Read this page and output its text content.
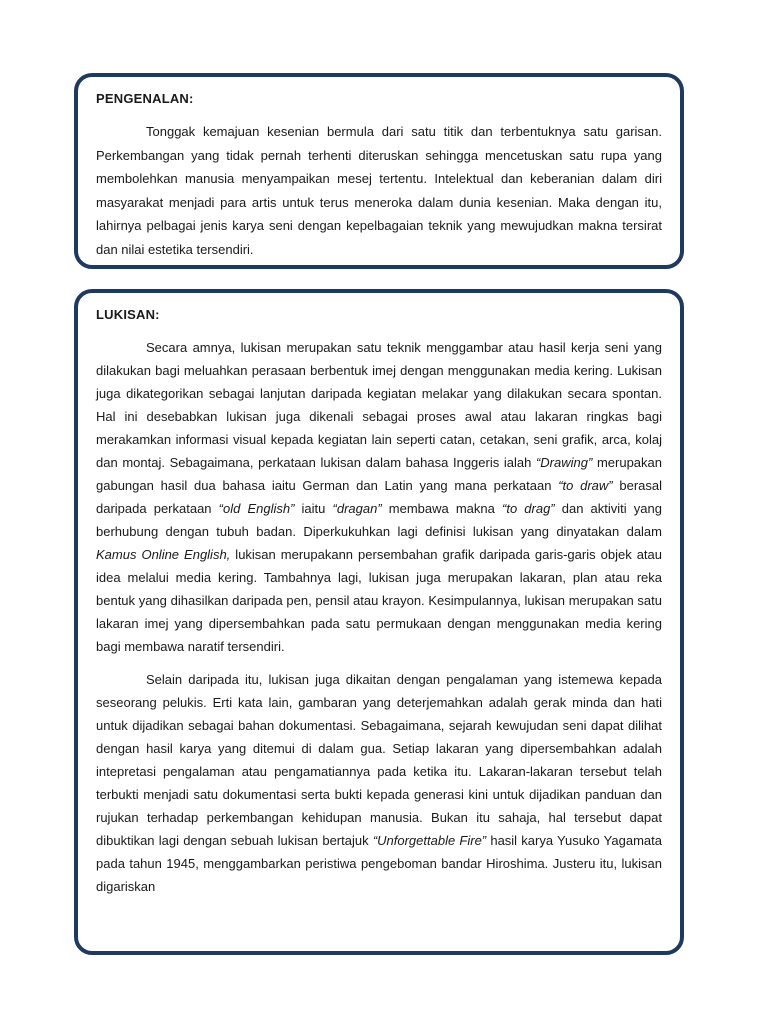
PENGENALAN:

Tonggak kemajuan kesenian bermula dari satu titik dan terbentuknya satu garisan. Perkembangan yang tidak pernah terhenti diteruskan sehingga mencetuskan satu rupa yang membolehkan manusia menyampaikan mesej tertentu. Intelektual dan keberanian dalam diri masyarakat menjadi para artis untuk terus meneroka dalam dunia kesenian. Maka dengan itu, lahirnya pelbagai jenis karya seni dengan kepelbagaian teknik yang mewujudkan makna tersirat dan nilai estetika tersendiri.

LUKISAN:

Secara amnya, lukisan merupakan satu teknik menggambar atau hasil kerja seni yang dilakukan bagi meluahkan perasaan berbentuk imej dengan menggunakan media kering. Lukisan juga dikategorikan sebagai lanjutan daripada kegiatan melakar yang dilakukan secara spontan. Hal ini desebabkan lukisan juga dikenali sebagai proses awal atau lakaran ringkas bagi merakamkan informasi visual kepada kegiatan lain seperti catan, cetakan, seni grafik, arca, kolaj dan montaj. Sebagaimana, perkataan lukisan dalam bahasa Inggeris ialah “Drawing” merupakan gabungan hasil dua bahasa iaitu German dan Latin yang mana perkataan “to draw” berasal daripada perkataan “old English” iaitu “dragan” membawa makna “to drag” dan aktiviti yang berhubung dengan tubuh badan. Diperkukuhkan lagi definisi lukisan yang dinyatakan dalam Kamus Online English, lukisan merupakann persembahan grafik daripada garis-garis objek atau idea melalui media kering. Tambahnya lagi, lukisan juga merupakan lakaran, plan atau reka bentuk yang dihasilkan daripada pen, pensil atau krayon. Kesimpulannya, lukisan merupakan satu lakaran imej yang dipersembahkan pada satu permukaan dengan menggunakan media kering bagi membawa naratif tersendiri.

Selain daripada itu, lukisan juga dikaitan dengan pengalaman yang istemewa kepada seseorang pelukis. Erti kata lain, gambaran yang deterjemahkan adalah gerak minda dan hati untuk dijadikan sebagai bahan dokumentasi. Sebagaimana, sejarah kewujudan seni dapat dilihat dengan hasil karya yang ditemui di dalam gua. Setiap lakaran yang dipersembahkan adalah intepretasi pengalaman atau pengamatiannya pada ketika itu. Lakaran-lakaran tersebut telah terbukti menjadi satu dokumentasi serta bukti kepada generasi kini untuk dijadikan panduan dan rujukan terhadap perkembangan kehidupan manusia. Bukan itu sahaja, hal tersebut dapat dibuktikan lagi dengan sebuah lukisan bertajuk “Unforgettable Fire” hasil karya Yusuko Yagamata pada tahun 1945, menggambarkan peristiwa pengeboman bandar Hiroshima. Justeru itu, lukisan digariskan
